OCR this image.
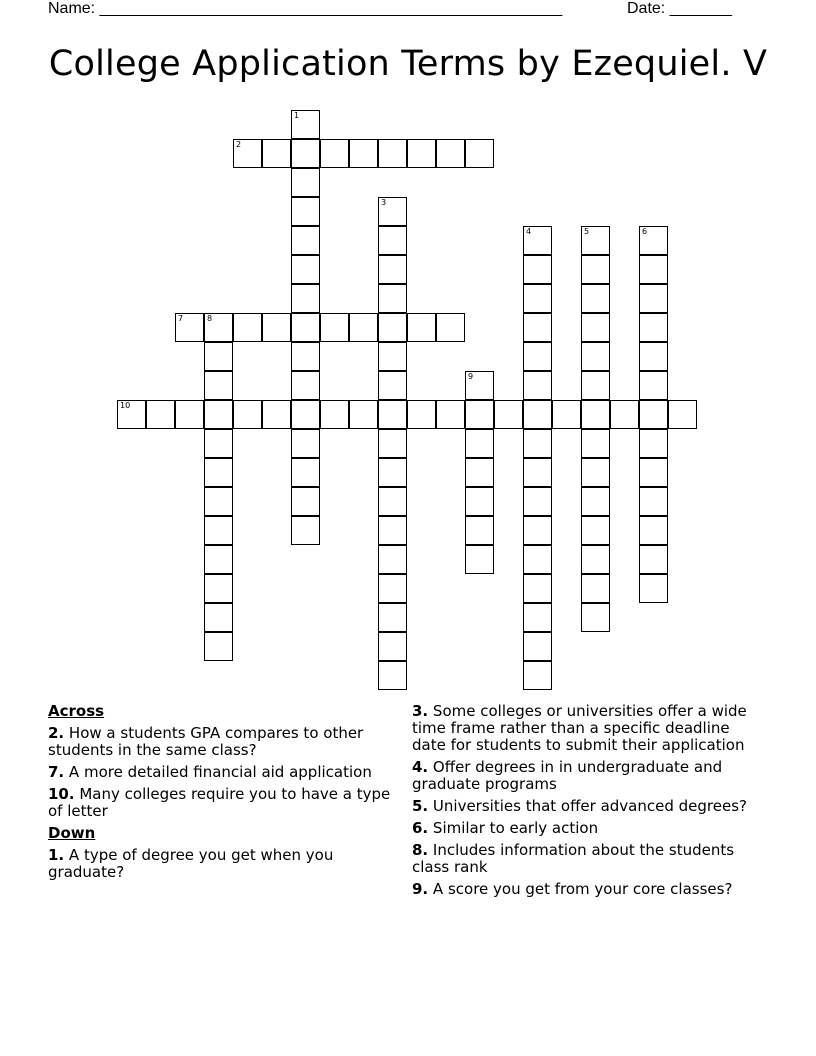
Name: ____________________________________________________	Date: _______
College Application Terms by Ezequiel. V
1
2
3
4	5	6
7	8
9
10
Across
2. How a students GPA compares to other students in the same class?
7. A more detailed financial aid application
10. Many colleges require you to have a type of letter
Down
1. A type of degree you get when you graduate?
3. Some colleges or universities offer a wide time frame rather than a specific deadline date for students to submit their application
4. Offer degrees in in undergraduate and graduate programs
5. Universities that offer advanced degrees?
6. Similar to early action
8. Includes information about the students class rank
9. A score you get from your core classes?
